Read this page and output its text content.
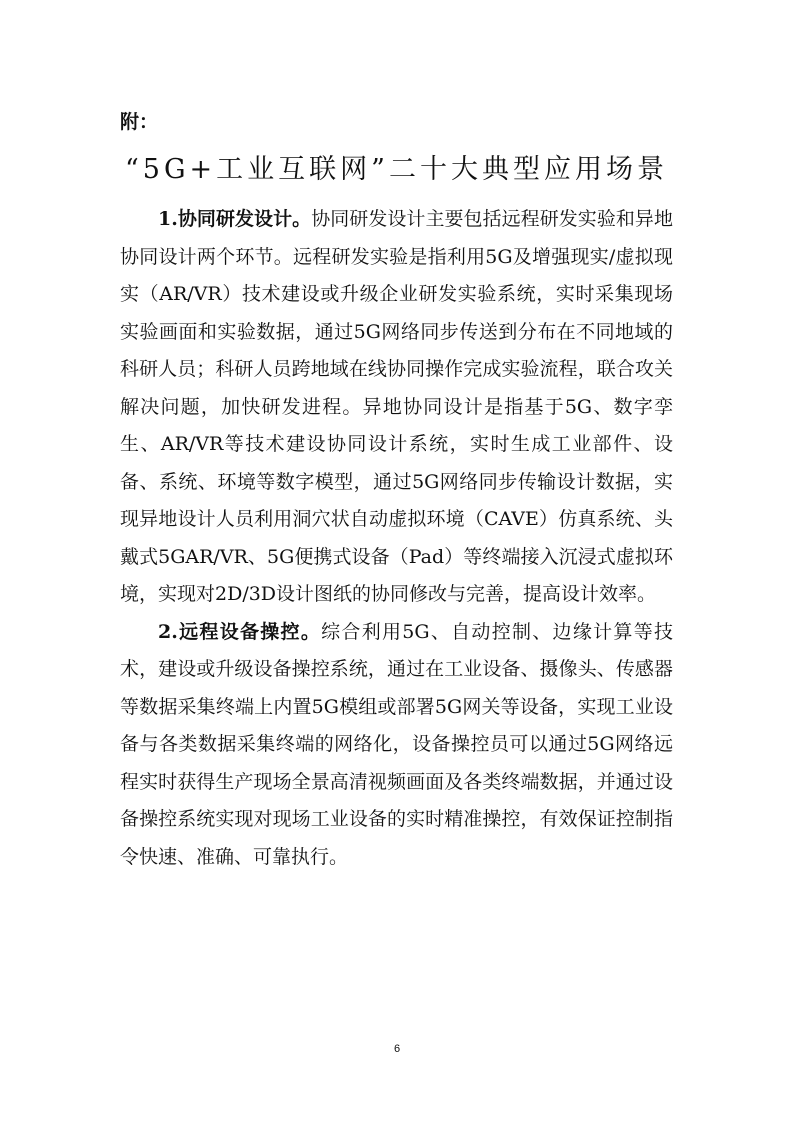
附：
“5G+工业互联网”二十大典型应用场景

1.协同研发设计。协同研发设计主要包括远程研发实验和异地协同设计两个环节。远程研发实验是指利用5G及增强现实/虚拟现实（AR/VR）技术建设或升级企业研发实验系统，实时采集现场实验画面和实验数据，通过5G网络同步传送到分布在不同地域的科研人员；科研人员跨地域在线协同操作完成实验流程，联合攻关解决问题，加快研发进程。异地协同设计是指基于5G、数字孪生、AR/VR等技术建设协同设计系统，实时生成工业部件、设备、系统、环境等数字模型，通过5G网络同步传输设计数据，实现异地设计人员利用洞穴状自动虚拟环境（CAVE）仿真系统、头戴式5GAR/VR、5G便携式设备（Pad）等终端接入沉浸式虚拟环境，实现对2D/3D设计图纸的协同修改与完善，提高设计效率。

2.远程设备操控。综合利用5G、自动控制、边缘计算等技术，建设或升级设备操控系统，通过在工业设备、摄像头、传感器等数据采集终端上内置5G模组或部署5G网关等设备，实现工业设备与各类数据采集终端的网络化，设备操控员可以通过5G网络远程实时获得生产现场全景高清视频画面及各类终端数据，并通过设备操控系统实现对现场工业设备的实时精准操控，有效保证控制指令快速、准确、可靠执行。

6
